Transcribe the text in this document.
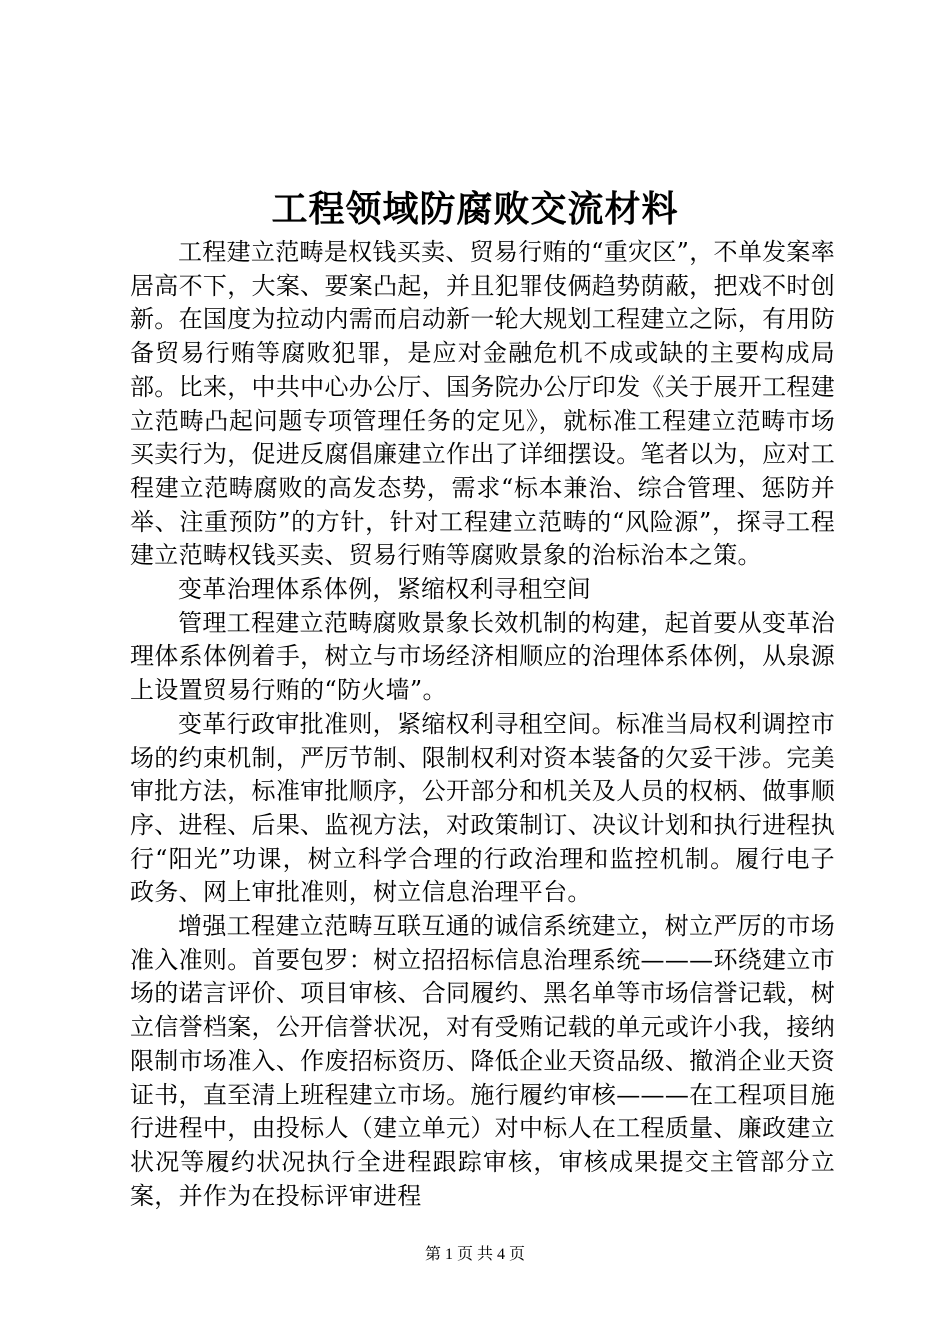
工程领域防腐败交流材料

工程建立范畴是权钱买卖、贸易行贿的“重灾区”，不单发案率居高不下，大案、要案凸起，并且犯罪伎俩趋势荫蔽，把戏不时创新。在国度为拉动内需而启动新一轮大规划工程建立之际，有用防备贸易行贿等腐败犯罪，是应对金融危机不成或缺的主要构成局部。比来，中共中心办公厅、国务院办公厅印发《关于展开工程建立范畴凸起问题专项管理任务的定见》，就标准工程建立范畴市场买卖行为，促进反腐倡廉建立作出了详细摆设。笔者以为，应对工程建立范畴腐败的高发态势，需求“标本兼治、综合管理、惩防并举、注重预防”的方针，针对工程建立范畴的“风险源”，探寻工程建立范畴权钱买卖、贸易行贿等腐败景象的治标治本之策。

变革治理体系体例，紧缩权利寻租空间

管理工程建立范畴腐败景象长效机制的构建，起首要从变革治理体系体例着手，树立与市场经济相顺应的治理体系体例，从泉源上设置贸易行贿的“防火墙”。

变革行政审批准则，紧缩权利寻租空间。标准当局权利调控市场的约束机制，严厉节制、限制权利对资本装备的欠妥干涉。完美审批方法，标准审批顺序，公开部分和机关及人员的权柄、做事顺序、进程、后果、监视方法，对政策制订、决议计划和执行进程执行“阳光”功课，树立科学合理的行政治理和监控机制。履行电子政务、网上审批准则，树立信息治理平台。

增强工程建立范畴互联互通的诚信系统建立，树立严厉的市场准入准则。首要包罗：树立招招标信息治理系统———环绕建立市场的诺言评价、项目审核、合同履约、黑名单等市场信誉记载，树立信誉档案，公开信誉状况，对有受贿记载的单元或许小我，接纳限制市场准入、作废招标资历、降低企业天资品级、撤消企业天资证书，直至清上班程建立市场。施行履约审核———在工程项目施行进程中，由投标人（建立单元）对中标人在工程质量、廉政建立状况等履约状况执行全进程跟踪审核，审核成果提交主管部分立案，并作为在投标评审进程

第 1 页 共 4 页
